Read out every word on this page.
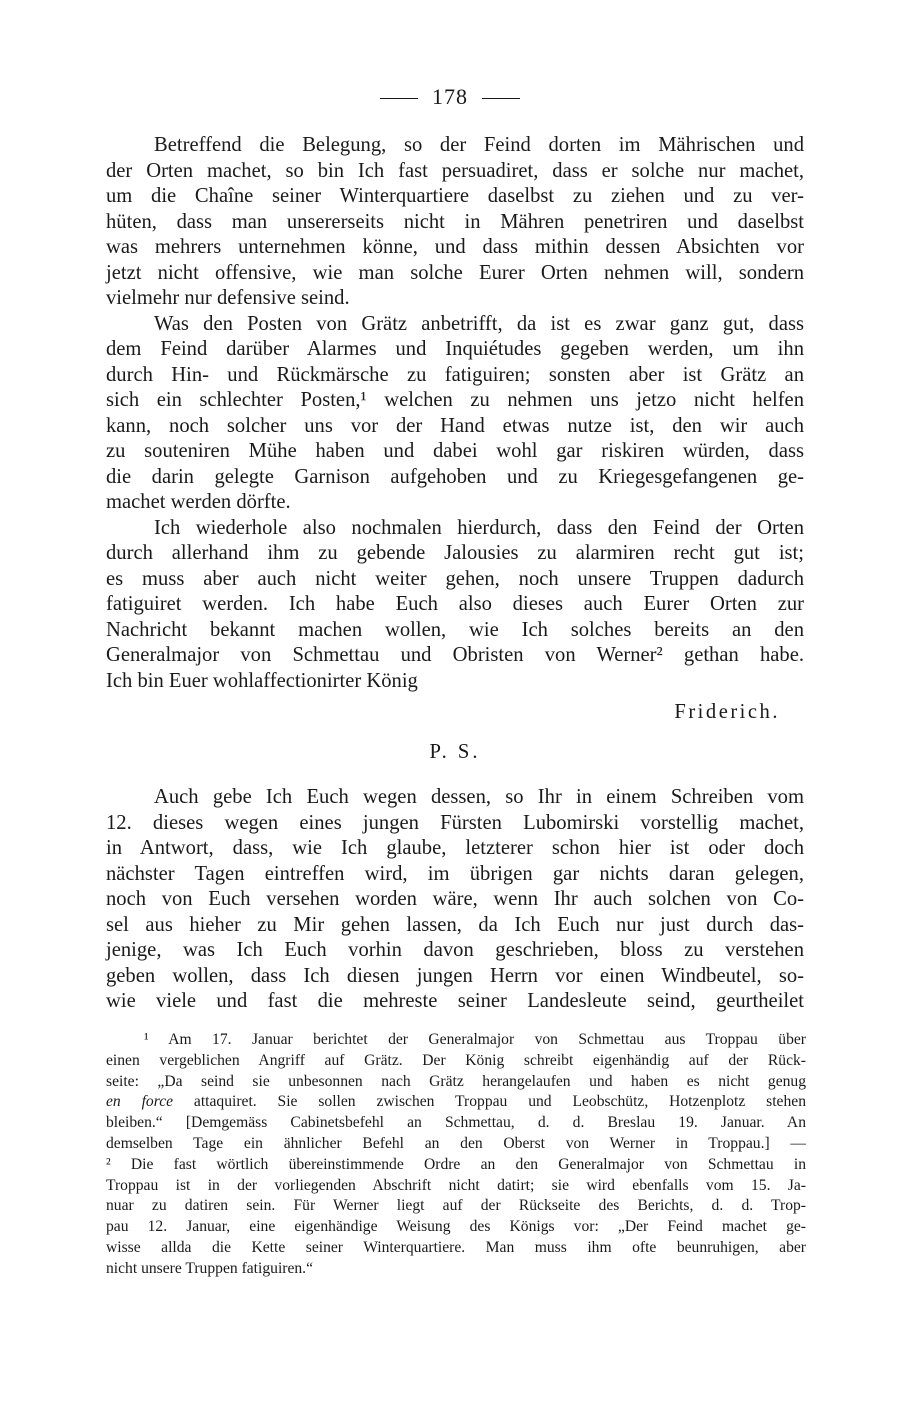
178
Betreffend die Belegung, so der Feind dorten im Mährischen und
der Orten machet, so bin Ich fast persuadiret, dass er solche nur machet,
um die Chaîne seiner Winterquartiere daselbst zu ziehen und zu ver-
hüten, dass man unsererseits nicht in Mähren penetriren und daselbst
was mehrers unternehmen könne, und dass mithin dessen Absichten vor
jetzt nicht offensive, wie man solche Eurer Orten nehmen will, sondern
vielmehr nur defensive seind.
Was den Posten von Grätz anbetrifft, da ist es zwar ganz gut, dass
dem Feind darüber Alarmes und Inquiétudes gegeben werden, um ihn
durch Hin- und Rückmärsche zu fatiguiren; sonsten aber ist Grätz an
sich ein schlechter Posten,¹ welchen zu nehmen uns jetzo nicht helfen
kann, noch solcher uns vor der Hand etwas nutze ist, den wir auch
zu souteniren Mühe haben und dabei wohl gar riskiren würden, dass
die darin gelegte Garnison aufgehoben und zu Kriegesgefangenen ge-
machet werden dörfte.
Ich wiederhole also nochmalen hierdurch, dass den Feind der Orten
durch allerhand ihm zu gebende Jalousies zu alarmiren recht gut ist;
es muss aber auch nicht weiter gehen, noch unsere Truppen dadurch
fatiguiret werden. Ich habe Euch also dieses auch Eurer Orten zur
Nachricht bekannt machen wollen, wie Ich solches bereits an den
Generalmajor von Schmettau und Obristen von Werner² gethan habe.
Ich bin Euer wohlaffectionirter König
Friderich.
P. S.
Auch gebe Ich Euch wegen dessen, so Ihr in einem Schreiben vom
12. dieses wegen eines jungen Fürsten Lubomirski vorstellig machet,
in Antwort, dass, wie Ich glaube, letzterer schon hier ist oder doch
nächster Tagen eintreffen wird, im übrigen gar nichts daran gelegen,
noch von Euch versehen worden wäre, wenn Ihr auch solchen von Co-
sel aus hieher zu Mir gehen lassen, da Ich Euch nur just durch das-
jenige, was Ich Euch vorhin davon geschrieben, bloss zu verstehen
geben wollen, dass Ich diesen jungen Herrn vor einen Windbeutel, so-
wie viele und fast die mehreste seiner Landesleute seind, geurtheilet
¹ Am 17. Januar berichtet der Generalmajor von Schmettau aus Troppau über
einen vergeblichen Angriff auf Grätz. Der König schreibt eigenhändig auf der Rück-
seite: „Da seind sie unbesonnen nach Grätz herangelaufen und haben es nicht genug
en force attaquiret. Sie sollen zwischen Troppau und Leobschütz, Hotzenplotz stehen
bleiben.“ [Demgemäss Cabinetsbefehl an Schmettau, d. d. Breslau 19. Januar. An
demselben Tage ein ähnlicher Befehl an den Oberst von Werner in Troppau.] —
² Die fast wörtlich übereinstimmende Ordre an den Generalmajor von Schmettau in
Troppau ist in der vorliegenden Abschrift nicht datirt; sie wird ebenfalls vom 15. Ja-
nuar zu datiren sein. Für Werner liegt auf der Rückseite des Berichts, d. d. Trop-
pau 12. Januar, eine eigenhändige Weisung des Königs vor: „Der Feind machet ge-
wisse allda die Kette seiner Winterquartiere. Man muss ihm ofte beunruhigen, aber
nicht unsere Truppen fatiguiren.“
